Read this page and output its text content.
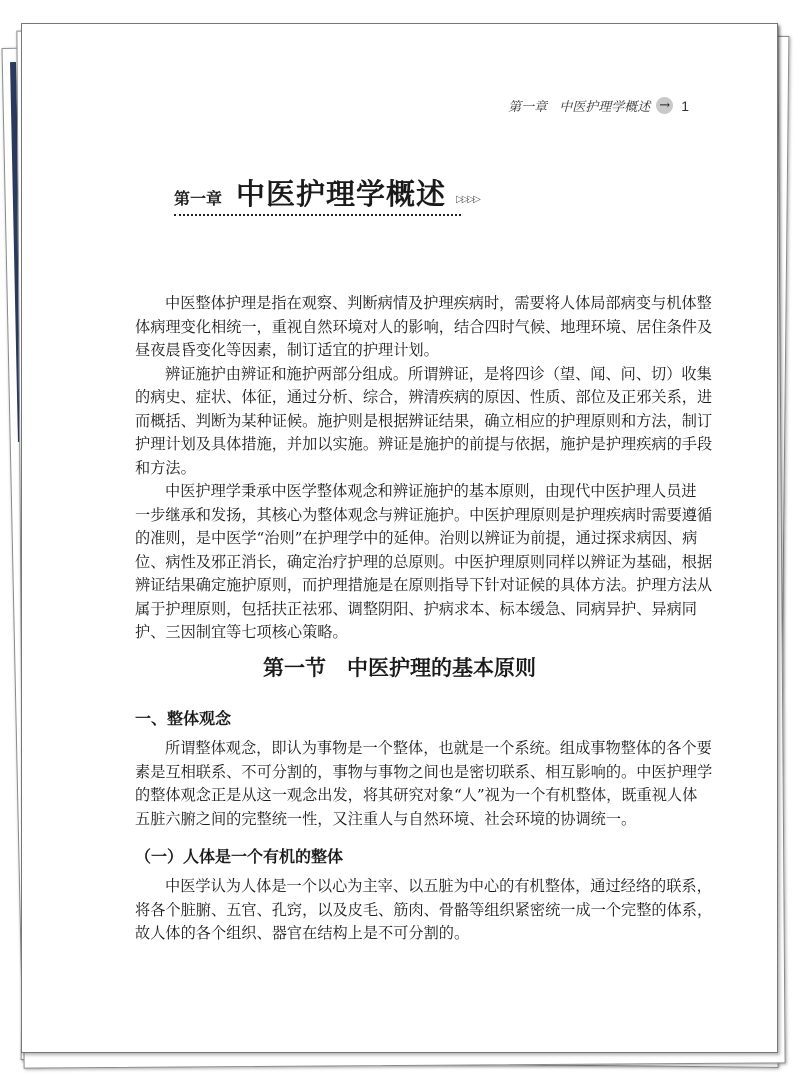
第一章 中医护理学概述 → 1
第一章 中医护理学概述 ▷▷▷▷
中医整体护理是指在观察、判断病情及护理疾病时，需要将人体局部病变与机体整
体病理变化相统一，重视自然环境对人的影响，结合四时气候、地理环境、居住条件及
昼夜晨昏变化等因素，制订适宜的护理计划。
辨证施护由辨证和施护两部分组成。所谓辨证，是将四诊（望、闻、问、切）收集
的病史、症状、体征，通过分析、综合，辨清疾病的原因、性质、部位及正邪关系，进
而概括、判断为某种证候。施护则是根据辨证结果，确立相应的护理原则和方法，制订
护理计划及具体措施，并加以实施。辨证是施护的前提与依据，施护是护理疾病的手段
和方法。
中医护理学秉承中医学整体观念和辨证施护的基本原则，由现代中医护理人员进
一步继承和发扬，其核心为整体观念与辨证施护。中医护理原则是护理疾病时需要遵循
的准则，是中医学“治则”在护理学中的延伸。治则以辨证为前提，通过探求病因、病
位、病性及邪正消长，确定治疗护理的总原则。中医护理原则同样以辨证为基础，根据
辨证结果确定施护原则，而护理措施是在原则指导下针对证候的具体方法。护理方法从
属于护理原则，包括扶正祛邪、调整阴阳、护病求本、标本缓急、同病异护、异病同
护、三因制宜等七项核心策略。
第一节　中医护理的基本原则
一、整体观念
所谓整体观念，即认为事物是一个整体，也就是一个系统。组成事物整体的各个要
素是互相联系、不可分割的，事物与事物之间也是密切联系、相互影响的。中医护理学
的整体观念正是从这一观念出发，将其研究对象“人”视为一个有机整体，既重视人体
五脏六腑之间的完整统一性，又注重人与自然环境、社会环境的协调统一。
（一）人体是一个有机的整体
中医学认为人体是一个以心为主宰、以五脏为中心的有机整体，通过经络的联系，
将各个脏腑、五官、孔窍，以及皮毛、筋肉、骨骼等组织紧密统一成一个完整的体系，
故人体的各个组织、器官在结构上是不可分割的。
